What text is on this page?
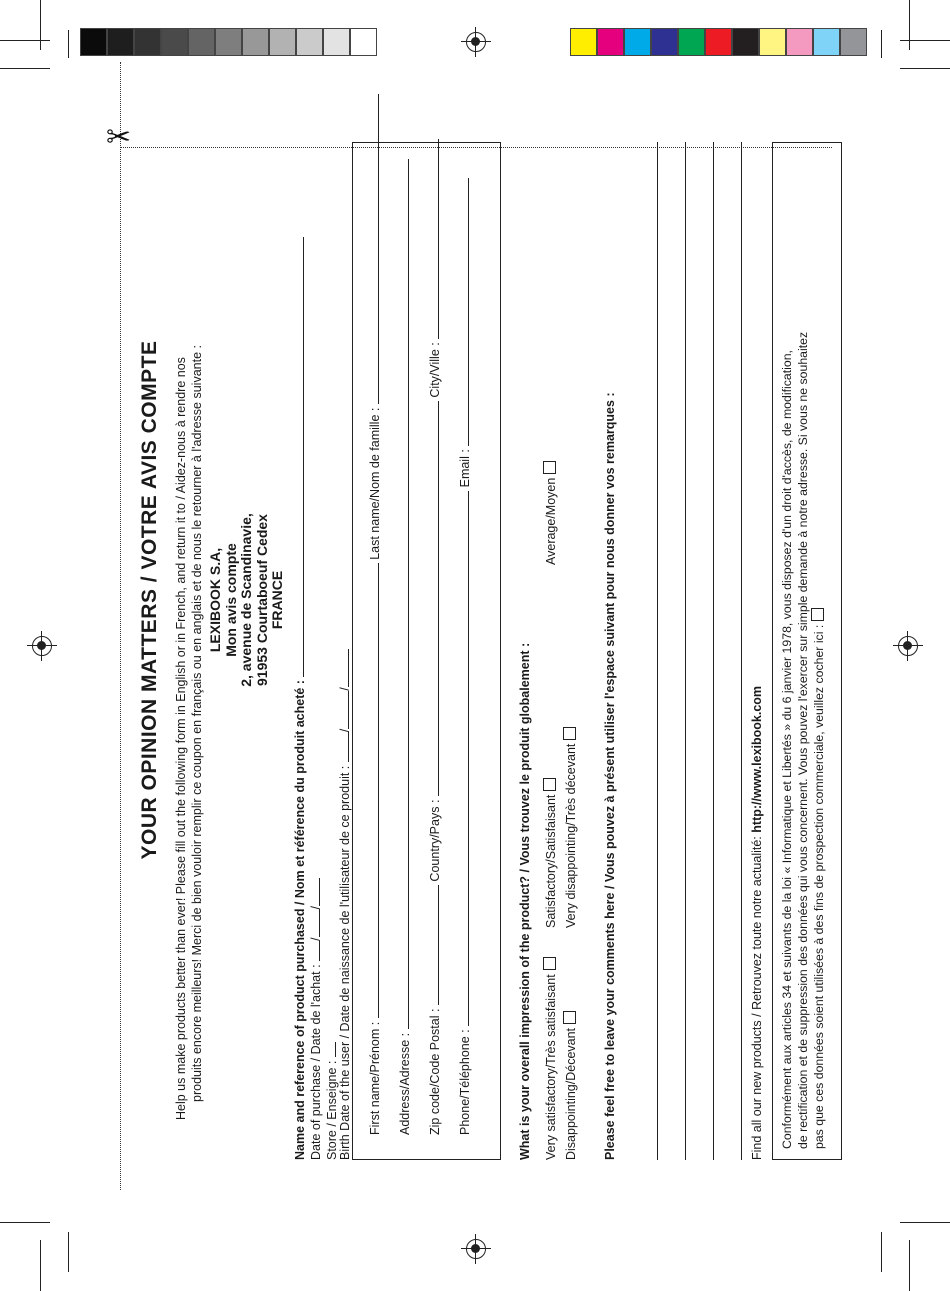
✂
YOUR OPINION MATTERS / VOTRE AVIS COMPTE Help us make products better than ever! Please fill out the following form in English or in French, and return it to / Aidez-nous à rendre nos produits encore meilleurs! Merci de bien vouloir remplir ce coupon en français ou en anglais et de nous le retourner à l'adresse suivante : LEXIBOOK S.A, Mon avis compte 2, avenue de Scandinavie, 91953 Courtaboeuf Cedex FRANCE
Name and reference of product purchased / Nom et référence du produit acheté : Date of purchase / Date de l'achat : //
Store / Enseigne : Birth Date of the user / Date de naissance de l'utilisateur de ce produit : //
First name/Prénom :  Last name/Nom de famille :
Address/Adresse : Zip code/Code Postal :  Country/Pays :  City/Ville :
Phone/Téléphone :  Email :
What is your overall impression of the product? / Vous trouvez le produit globalement : Very satisfactory/Très satisfaisant
Satisfactory/Satisfaisant
Average/Moyen
Disappointing/Décevant
Very disappointing/Très décevant Please feel free to leave your comments here / Vous pouvez à présent utiliser l'espace suivant pour nous donner vos remarques :	Find all our new products / Retrouvez toute notre actualité: http://www.lexibook.com Conformément aux articles 34 et suivants de la loi « Informatique et Libertés » du 6 janvier 1978, vous disposez d'un droit d'accès, de modification, de rectification et de suppression des données qui vous concernent. Vous pouvez l'exercer sur simple demande à notre adresse. Si vous ne souhaitez pas que ces données soient utilisées à des fins de prospection commerciale, veuillez cocher ici :
